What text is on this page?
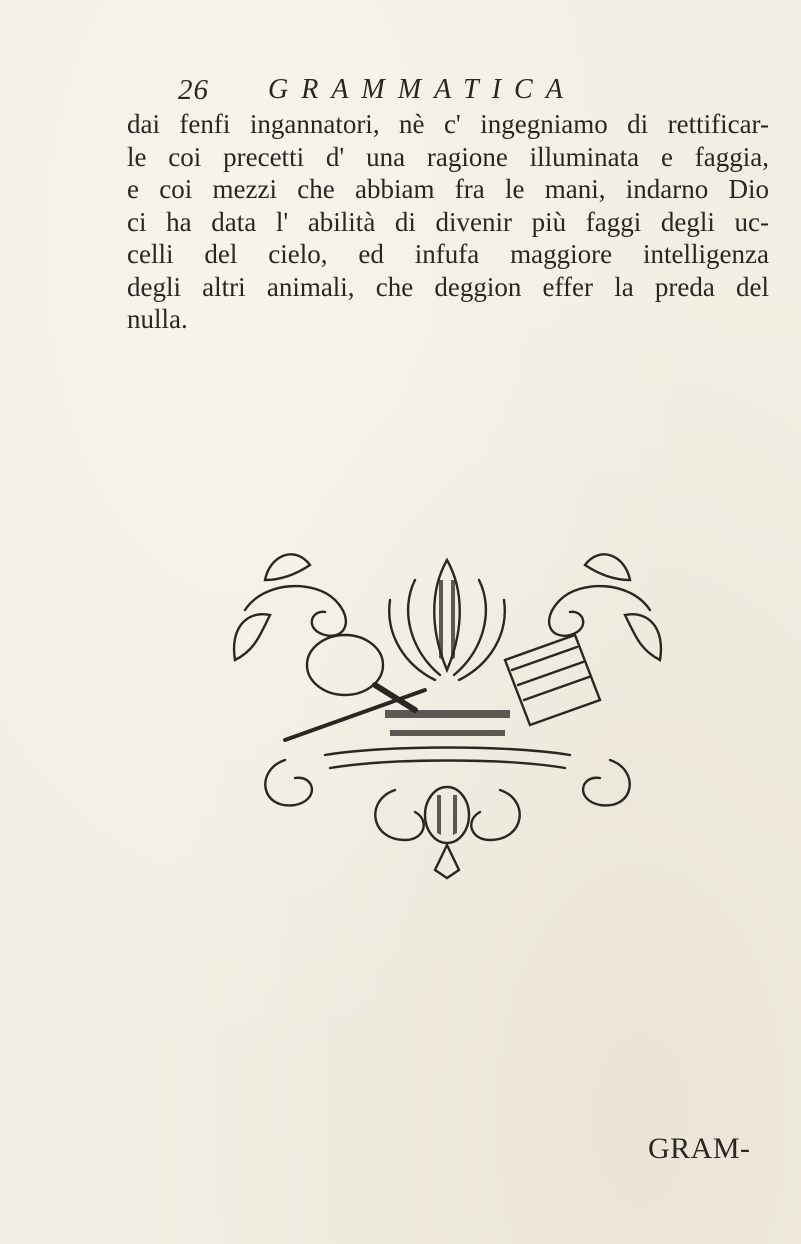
26 GRAMMATICA
dai fenfi ingannatori, nè c' ingegniamo di rettificar-
le coi precetti d' una ragione illuminata e faggia,
e coi mezzi che abbiam fra le mani, indarno Dio
ci ha data l' abilità di divenir più faggi degli uc-
celli del cielo, ed infufa maggiore intelligenza
degli altri animali, che deggion effer la preda del
nulla.
GRAM-
